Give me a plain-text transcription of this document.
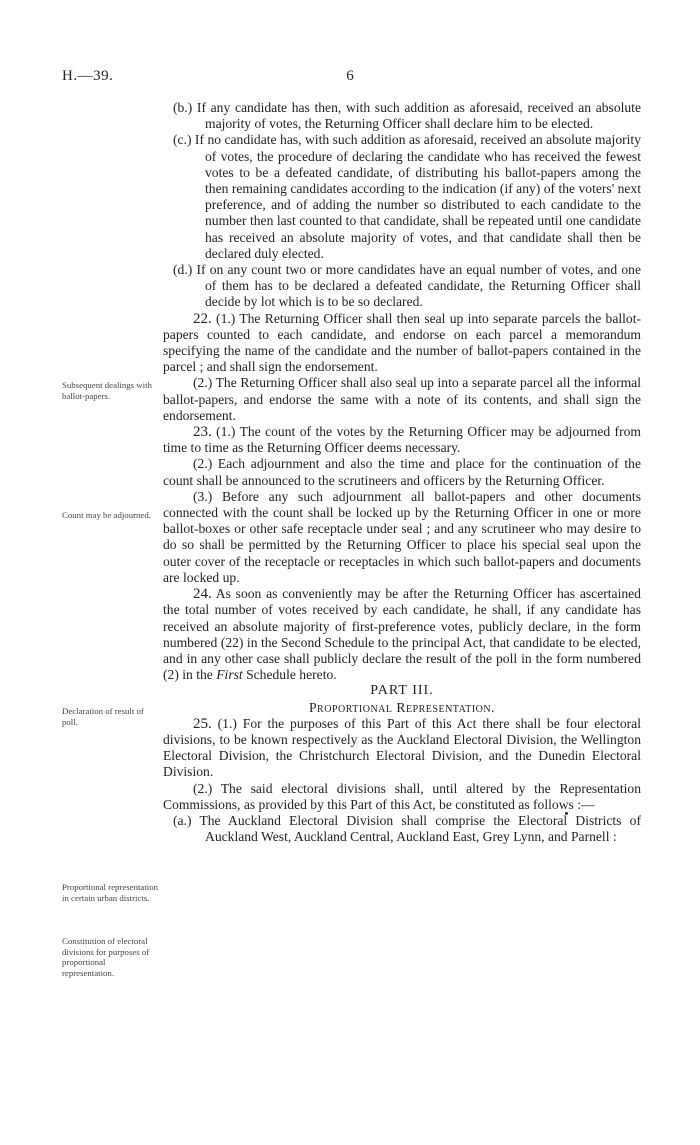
H.—39.	6
Subsequent dealings with ballot-papers.
Count may be adjourned.
Declaration of result of poll.
Proportional representation in certain urban districts.
Constitution of electoral divisions for purposes of proportional representation.

(b.) If any candidate has then, with such addition as aforesaid, received an absolute majority of votes, the Returning Officer shall declare him to be elected.

(c.) If no candidate has, with such addition as aforesaid, received an absolute majority of votes, the procedure of declaring the candidate who has received the fewest votes to be a defeated candidate, of distributing his ballot-papers among the then remaining candidates according to the indication (if any) of the voters' next preference, and of adding the number so distributed to each candidate to the number then last counted to that candidate, shall be repeated until one candidate has received an absolute majority of votes, and that candidate shall then be declared duly elected.

(d.) If on any count two or more candidates have an equal number of votes, and one of them has to be declared a defeated candidate, the Returning Officer shall decide by lot which is to be so declared.

22. (1.) The Returning Officer shall then seal up into separate parcels the ballot-papers counted to each candidate, and endorse on each parcel a memorandum specifying the name of the candidate and the number of ballot-papers contained in the parcel ; and shall sign the endorsement.

(2.) The Returning Officer shall also seal up into a separate parcel all the informal ballot-papers, and endorse the same with a note of its contents, and shall sign the endorsement.

23. (1.) The count of the votes by the Returning Officer may be adjourned from time to time as the Returning Officer deems necessary.

(2.) Each adjournment and also the time and place for the continuation of the count shall be announced to the scrutineers and officers by the Returning Officer.

(3.) Before any such adjournment all ballot-papers and other documents connected with the count shall be locked up by the Returning Officer in one or more ballot-boxes or other safe receptacle under seal ; and any scrutineer who may desire to do so shall be permitted by the Returning Officer to place his special seal upon the outer cover of the receptacle or receptacles in which such ballot-papers and documents are locked up.

24. As soon as conveniently may be after the Returning Officer has ascertained the total number of votes received by each candidate, he shall, if any candidate has received an absolute majority of first-preference votes, publicly declare, in the form numbered (22) in the Second Schedule to the principal Act, that candidate to be elected, and in any other case shall publicly declare the result of the poll in the form numbered (2) in the First Schedule hereto.

PART III.

Proportional Representation.

25. (1.) For the purposes of this Part of this Act there shall be four electoral divisions, to be known respectively as the Auckland Electoral Division, the Wellington Electoral Division, the Christchurch Electoral Division, and the Dunedin Electoral Division.

(2.) The said electoral divisions shall, until altered by the Representation Commissions, as provided by this Part of this Act, be constituted as follows :—

(a.) The Auckland Electoral Division shall comprise the Electoral Districts of Auckland West, Auckland Central, Auckland East, Grey Lynn, and Parnell :
